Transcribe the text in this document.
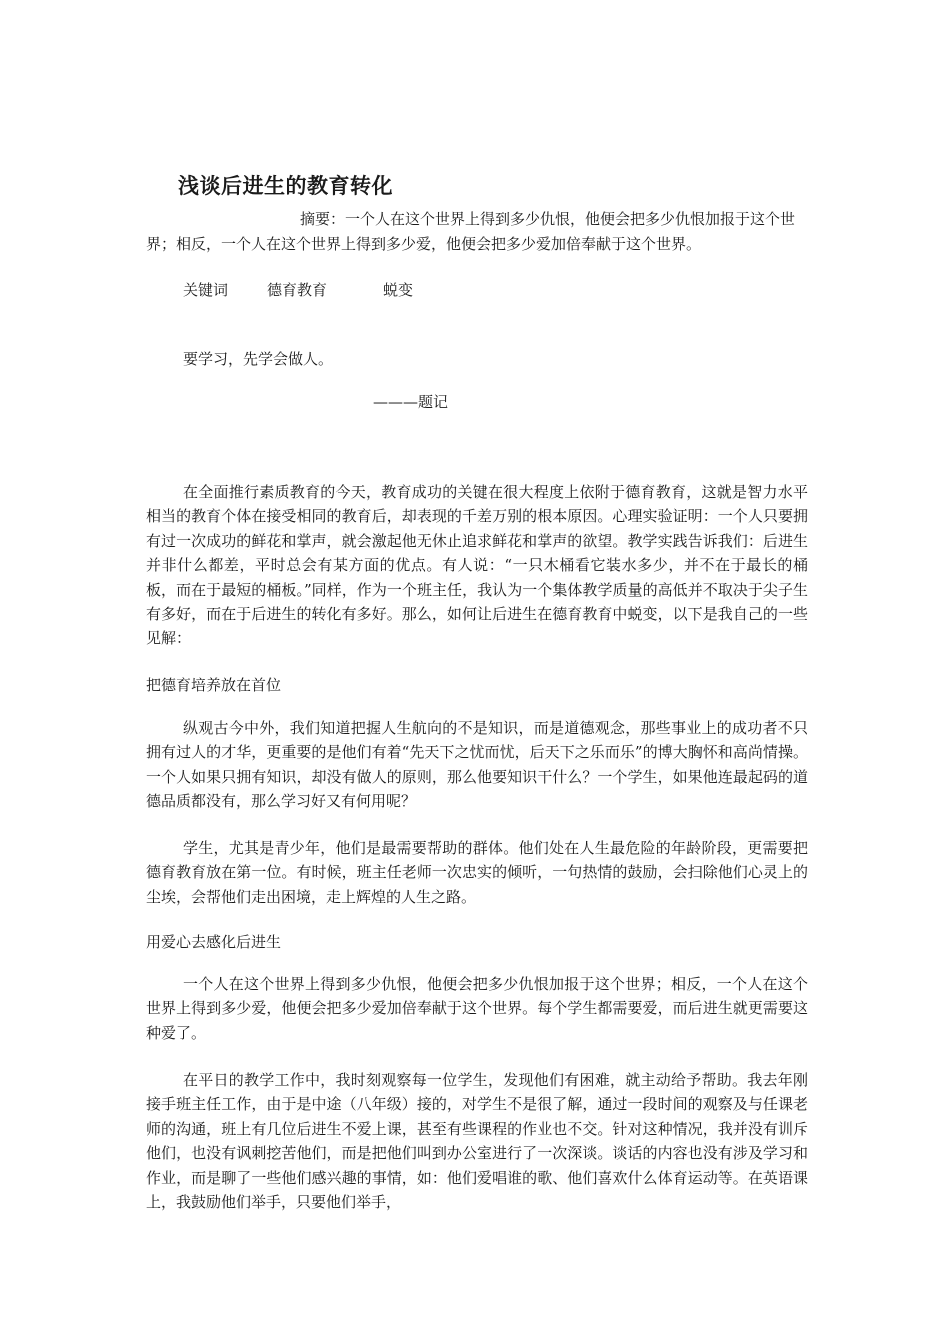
浅谈后进生的教育转化

摘要：一个人在这个世界上得到多少仇恨，他便会把多少仇恨加报于这个世界；相反，一个人在这个世界上得到多少爱，他便会把多少爱加倍奉献于这个世界。

关键词	德育教育	蜕变

要学习，先学会做人。

———题记

在全面推行素质教育的今天，教育成功的关键在很大程度上依附于德育教育，这就是智力水平相当的教育个体在接受相同的教育后，却表现的千差万别的根本原因。心理实验证明：一个人只要拥有过一次成功的鲜花和掌声，就会激起他无休止追求鲜花和掌声的欲望。教学实践告诉我们：后进生并非什么都差，平时总会有某方面的优点。有人说：“一只木桶看它装水多少，并不在于最长的桶板，而在于最短的桶板。”同样，作为一个班主任，我认为一个集体教学质量的高低并不取决于尖子生有多好，而在于后进生的转化有多好。那么，如何让后进生在德育教育中蜕变，以下是我自己的一些见解：

把德育培养放在首位

纵观古今中外，我们知道把握人生航向的不是知识，而是道德观念，那些事业上的成功者不只拥有过人的才华，更重要的是他们有着“先天下之忧而忧，后天下之乐而乐”的博大胸怀和高尚情操。一个人如果只拥有知识，却没有做人的原则，那么他要知识干什么？一个学生，如果他连最起码的道德品质都没有，那么学习好又有何用呢？

学生，尤其是青少年，他们是最需要帮助的群体。他们处在人生最危险的年龄阶段，更需要把德育教育放在第一位。有时候，班主任老师一次忠实的倾听，一句热情的鼓励，会扫除他们心灵上的尘埃，会帮他们走出困境，走上辉煌的人生之路。

用爱心去感化后进生

一个人在这个世界上得到多少仇恨，他便会把多少仇恨加报于这个世界；相反，一个人在这个世界上得到多少爱，他便会把多少爱加倍奉献于这个世界。每个学生都需要爱，而后进生就更需要这种爱了。

在平日的教学工作中，我时刻观察每一位学生，发现他们有困难，就主动给予帮助。我去年刚接手班主任工作，由于是中途（八年级）接的，对学生不是很了解，通过一段时间的观察及与任课老师的沟通，班上有几位后进生不爱上课，甚至有些课程的作业也不交。针对这种情况，我并没有训斥他们，也没有讽刺挖苦他们，而是把他们叫到办公室进行了一次深谈。谈话的内容也没有涉及学习和作业，而是聊了一些他们感兴趣的事情，如：他们爱唱谁的歌、他们喜欢什么体育运动等。在英语课上，我鼓励他们举手，只要他们举手，
